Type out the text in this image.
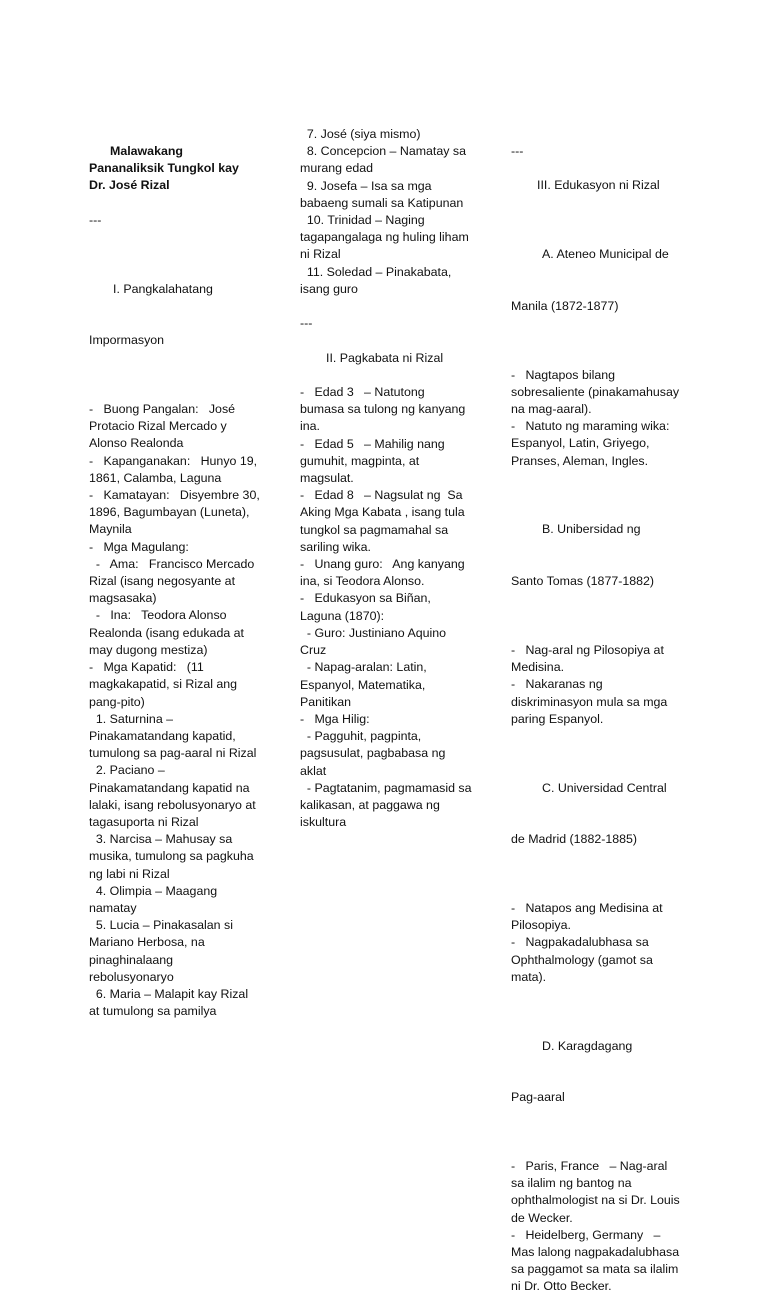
Malawakang
Pananaliksik Tungkol kay
Dr. José Rizal

---

I. Pangkalahatang

Impormasyon

-   Buong Pangalan:   José Protacio Rizal Mercado y Alonso Realonda
-   Kapanganakan:   Hunyo 19, 1861, Calamba, Laguna
-   Kamatayan:   Disyembre 30, 1896, Bagumbayan (Luneta), Maynila
-   Mga Magulang:
-   Ama:   Francisco Mercado Rizal (isang negosyante at magsasaka)
-   Ina:   Teodora Alonso Realonda (isang edukada at may dugong mestiza)
-   Mga Kapatid:   (11 magkakapatid, si Rizal ang pang-pito)
1. Saturnina – Pinakamatandang kapatid, tumulong sa pag-aaral ni Rizal
2. Paciano – Pinakamatandang kapatid na lalaki, isang rebolusyonaryo at tagasuporta ni Rizal
3. Narcisa – Mahusay sa musika, tumulong sa pagkuha ng labi ni Rizal
4. Olimpia – Maagang namatay
5. Lucia – Pinakasalan si Mariano Herbosa, na pinaghinalaang rebolusyonaryo
6. Maria – Malapit kay Rizal at tumulong sa pamilya
7. José (siya mismo)
8. Concepcion – Namatay sa murang edad
9. Josefa – Isa sa mga babaeng sumali sa Katipunan
10. Trinidad – Naging tagapangalaga ng huling liham ni Rizal
11. Soledad – Pinakabata, isang guro

---

II. Pagkabata ni Rizal

-   Edad 3   – Natutong bumasa sa tulong ng kanyang ina.
-   Edad 5   – Mahilig nang gumuhit, magpinta, at magsulat.
-   Edad 8   – Nagsulat ng  Sa Aking Mga Kabata , isang tula tungkol sa pagmamahal sa sariling wika.
-   Unang guro:   Ang kanyang ina, si Teodora Alonso.
-   Edukasyon sa Biñan, Laguna (1870):
- Guro: Justiniano Aquino Cruz
- Napag-aralan: Latin, Espanyol, Matematika, Panitikan
-   Mga Hilig:
- Pagguhit, pagpinta, pagsusulat, pagbabasa ng aklat
- Pagtatanim, pagmamasid sa kalikasan, at paggawa ng iskultura
---

III. Edukasyon ni Rizal

A. Ateneo Municipal de

Manila (1872-1877)

-   Nagtapos bilang sobresaliente (pinakamahusay na mag-aaral).
-   Natuto ng maraming wika: Espanyol, Latin, Griyego, Pranses, Aleman, Ingles.

B. Unibersidad ng

Santo Tomas (1877-1882)

-   Nag-aral ng Pilosopiya at Medisina.
-   Nakaranas ng diskriminasyon mula sa mga paring Espanyol.

C. Universidad Central

de Madrid (1882-1885)

-   Natapos ang Medisina at Pilosopiya.
-   Nagpakadalubhasa sa Ophthalmology (gamot sa mata).

D. Karagdagang

Pag-aaral

-   Paris, France   – Nag-aral sa ilalim ng bantog na ophthalmologist na si Dr. Louis de Wecker.
-   Heidelberg, Germany   – Mas lalong nagpakadalubhasa sa paggamot sa mata sa ilalim ni Dr. Otto Becker.
